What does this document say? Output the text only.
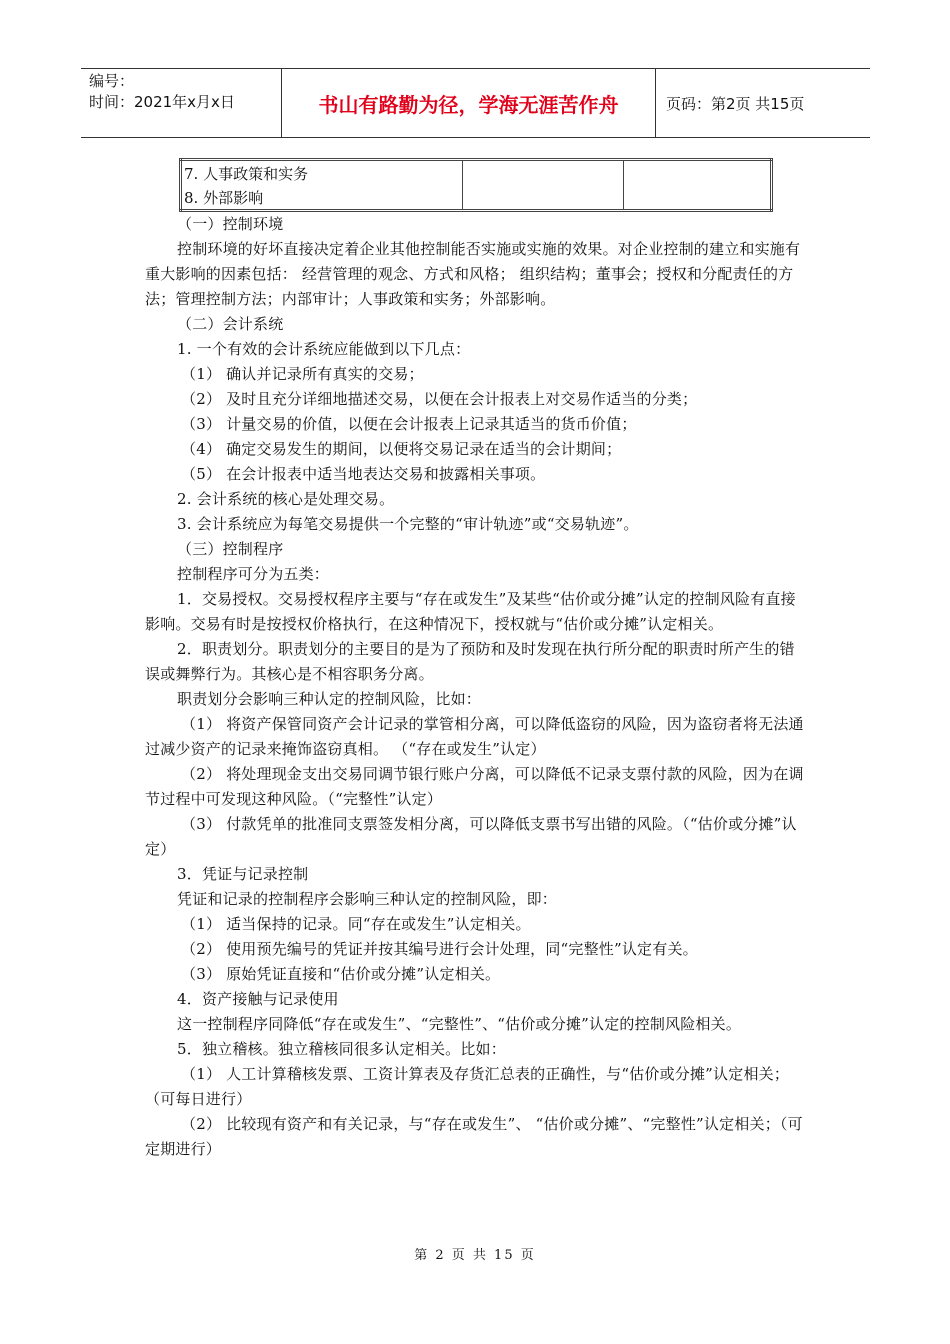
编号：
时间：2021年x月x日	书山有路勤为径，学海无涯苦作舟	页码：第2页 共15页
7. 人事政策和实务		
8. 外部影响

（一）控制环境

控制环境的好坏直接决定着企业其他控制能否实施或实施的效果。对企业控制的建立和实施有重大影响的因素包括： 经营管理的观念、方式和风格； 组织结构；董事会；授权和分配责任的方法；管理控制方法；内部审计；人事政策和实务；外部影响。

（二）会计系统

1. 一个有效的会计系统应能做到以下几点：

（1） 确认并记录所有真实的交易；

（2） 及时且充分详细地描述交易，以便在会计报表上对交易作适当的分类；

（3） 计量交易的价值，以便在会计报表上记录其适当的货币价值；

（4） 确定交易发生的期间，以便将交易记录在适当的会计期间；

（5） 在会计报表中适当地表达交易和披露相关事项。

2. 会计系统的核心是处理交易。

3. 会计系统应为每笔交易提供一个完整的“审计轨迹”或“交易轨迹”。

（三）控制程序

控制程序可分为五类：

1．交易授权。交易授权程序主要与“存在或发生”及某些“估价或分摊”认定的控制风险有直接影响。交易有时是按授权价格执行，在这种情况下，授权就与“估价或分摊”认定相关。

2．职责划分。职责划分的主要目的是为了预防和及时发现在执行所分配的职责时所产生的错误或舞弊行为。其核心是不相容职务分离。

职责划分会影响三种认定的控制风险，比如：

（1） 将资产保管同资产会计记录的掌管相分离，可以降低盗窃的风险，因为盗窃者将无法通过减少资产的记录来掩饰盗窃真相。 （“存在或发生”认定）

（2） 将处理现金支出交易同调节银行账户分离，可以降低不记录支票付款的风险，因为在调节过程中可发现这种风险。（“完整性”认定）

（3） 付款凭单的批准同支票签发相分离，可以降低支票书写出错的风险。（“估价或分摊”认定）

3．凭证与记录控制

凭证和记录的控制程序会影响三种认定的控制风险，即：

（1） 适当保持的记录。同“存在或发生”认定相关。

（2） 使用预先编号的凭证并按其编号进行会计处理，同“完整性”认定有关。

（3） 原始凭证直接和“估价或分摊”认定相关。

4．资产接触与记录使用

这一控制程序同降低“存在或发生”、“完整性”、“估价或分摊”认定的控制风险相关。

5．独立稽核。独立稽核同很多认定相关。比如：

（1） 人工计算稽核发票、工资计算表及存货汇总表的正确性，与“估价或分摊”认定相关；（可每日进行）

（2） 比较现有资产和有关记录，与“存在或发生”、 “估价或分摊”、“完整性”认定相关；（可定期进行）

第 2 页 共 15 页
